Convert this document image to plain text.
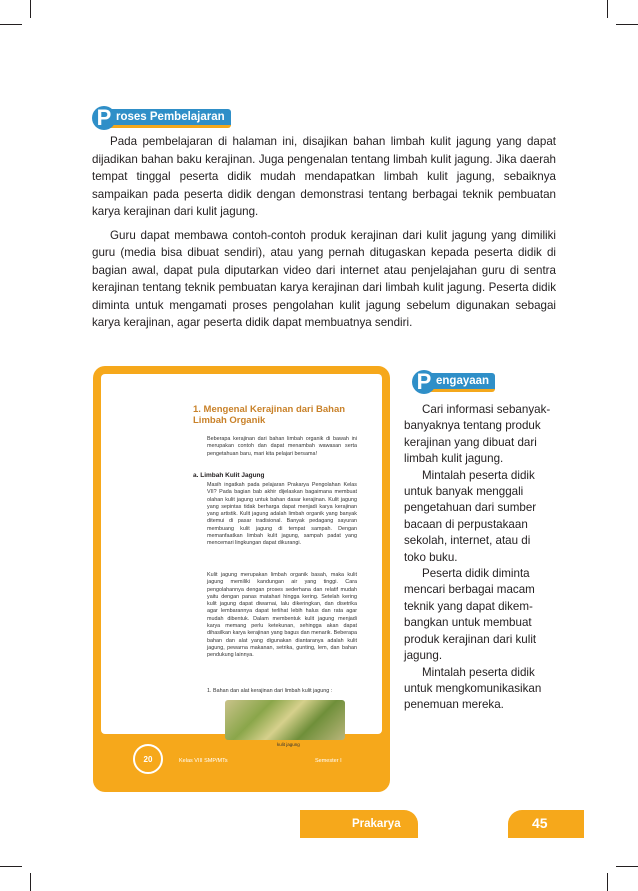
P roses Pembelajaran

Pada pembelajaran di halaman ini, disajikan bahan limbah kulit jagung yang dapat dijadikan bahan baku kerajinan. Juga pengenalan tentang limbah kulit jagung. Jika daerah tempat tinggal peserta didik mudah mendapatkan limbah kulit jagung, sebaiknya sampaikan pada peserta didik dengan demonstrasi tentang berbagai teknik pembuatan karya kerajinan dari kulit jagung.

Guru dapat membawa contoh-contoh produk kerajinan dari kulit jagung yang dimiliki guru (media bisa dibuat sendiri), atau yang pernah ditugaskan kepada peserta didik di bagian awal, dapat pula diputarkan video dari internet atau penjelajahan guru di sentra kerajinan tentang teknik pembuatan karya kerajinan dari limbah kulit jagung. Peserta didik diminta untuk mengamati proses pengolahan kulit jagung sebelum digunakan sebagai karya kerajinan, agar peserta didik dapat membuatnya sendiri.

1. Mengenal Kerajinan dari Bahan Limbah Organik
Beberapa kerajinan dari bahan limbah organik di bawah ini merupakan contoh dan dapat menambah wawasan serta pengetahuan baru, mari kita pelajari bersama!
a. Limbah Kulit Jagung
Masih ingatkah pada pelajaran Prakarya Pengolahan Kelas VII? Pada bagian bab akhir dijelaskan bagaimana membuat olahan kulit jagung untuk bahan dasar kerajinan. Kulit jagung yang sepintas tidak berharga dapat menjadi karya kerajinan yang artistik. Kulit jagung adalah limbah organik yang banyak ditemui di pasar tradisional. Banyak pedagang sayuran membuang kulit jagung di tempat sampah. Dengan memanfaatkan limbah kulit jagung, sampah padat yang mencemari lingkungan dapat dikurangi.
Kulit jagung merupakan limbah organik basah, maka kulit jagung memiliki kandungan air yang tinggi. Cara pengolahannya dengan proses sederhana dan relatif mudah yaitu dengan panas matahari hingga kering. Setelah kering kulit jagung dapat diwarnai, lalu dikeringkan, dan disetrika agar lembarannya dapat terlihat lebih halus dan rata agar mudah dibentuk. Dalam membentuk kulit jagung menjadi karya memang perlu ketekunan, sehingga akan dapat dihasilkan karya kerajinan yang bagus dan menarik. Beberapa bahan dan alat yang digunakan diantaranya adalah kulit jagung, pewarna makanan, setrika, gunting, lem, dan bahan pendukung lainnya.
1. Bahan dan alat kerajinan dari limbah kulit jagung :
kulit jagung
20	Kelas VIII SMP/MTs	Semester I
P engayaan

Cari informasi sebanyak-banyaknya tentang produk kerajinan yang dibuat dari limbah kulit jagung.

Mintalah peserta didik untuk banyak menggali pengetahuan dari sumber bacaan di perpustakaan sekolah, internet, atau di toko buku.

Peserta didik diminta mencari berbagai macam teknik yang dapat dikem-bangkan untuk membuat produk kerajinan dari kulit jagung.

Mintalah peserta didik untuk mengkomunikasikan penemuan mereka.

Prakarya	45
